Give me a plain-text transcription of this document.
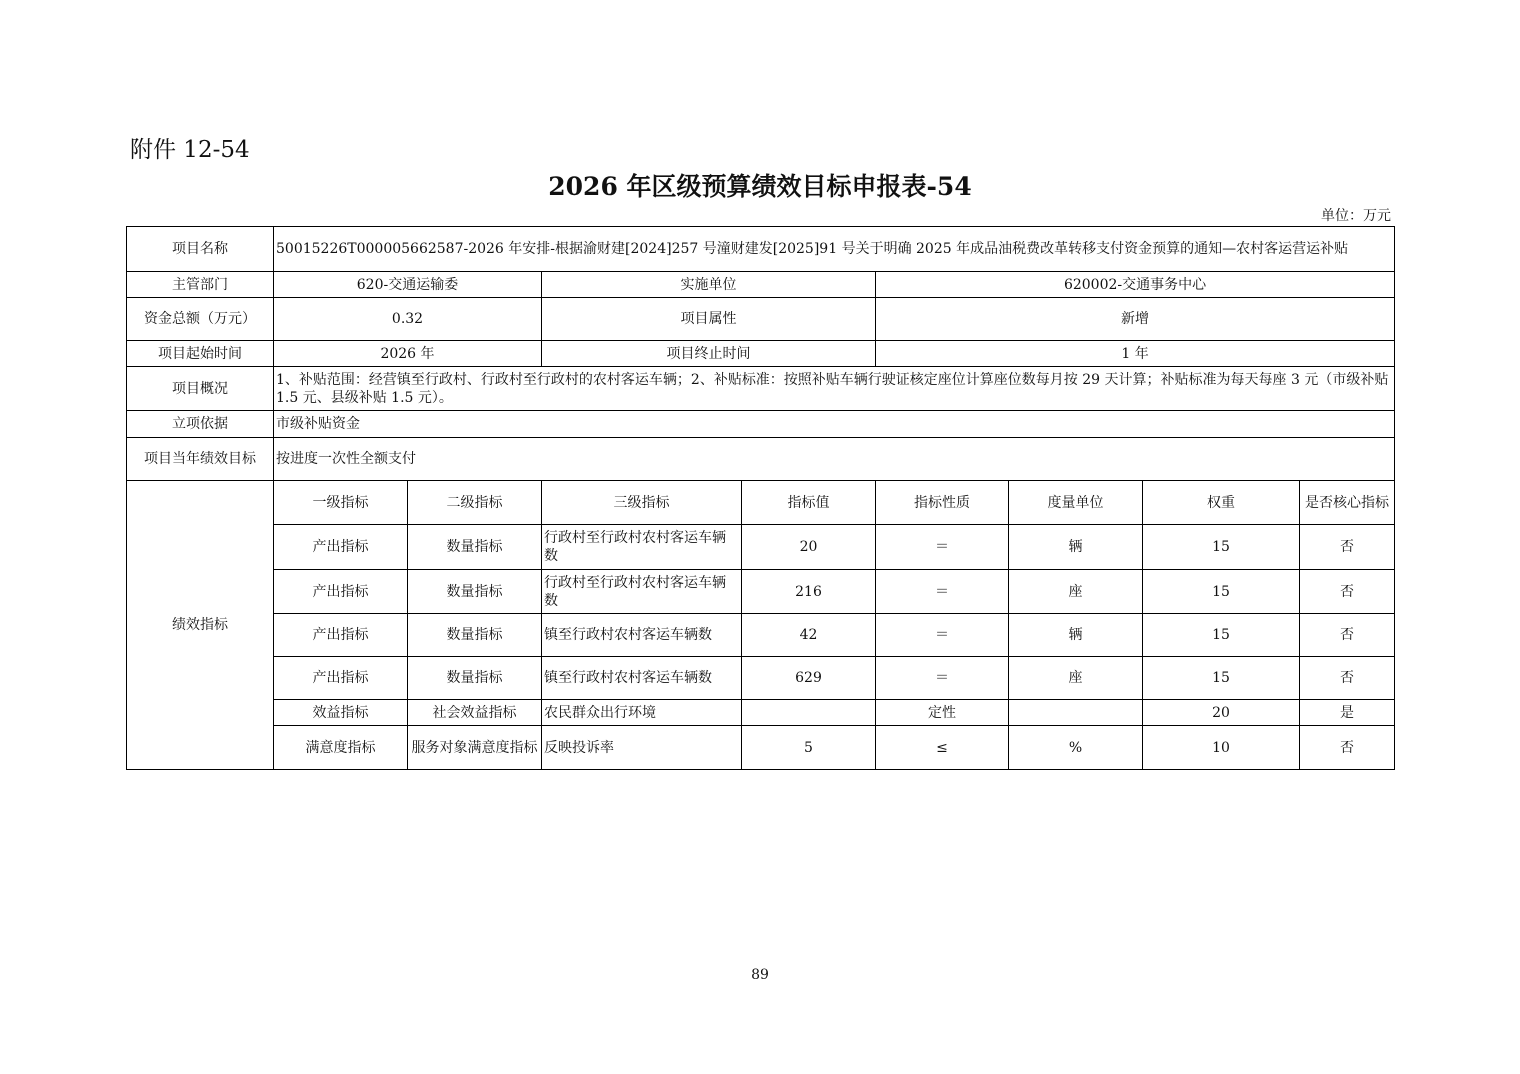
附件 12-54
2026 年区级预算绩效目标申报表-54
单位：万元
项目名称	50015226T000005662587-2026 年安排-根据渝财建[2024]257 号潼财建发[2025]91 号关于明确 2025 年成品油税费改革转移支付资金预算的通知—农村客运营运补贴							
主管部门	620-交通运输委		实施单位		620002-交通事务中心			
资金总额（万元）	0.32		项目属性		新增			
项目起始时间	2026 年		项目终止时间		1 年			
项目概况	1、补贴范围：经营镇至行政村、行政村至行政村的农村客运车辆；2、补贴标准：按照补贴车辆行驶证核定座位计算座位数每月按 29 天计算；补贴标准为每天每座 3 元（市级补贴 1.5 元、县级补贴 1.5 元）。							
立项依据	市级补贴资金							
项目当年绩效目标	按进度一次性全额支付							
绩效指标	一级指标	二级指标	三级指标	指标值	指标性质	度量单位	权重	是否核心指标
	产出指标	数量指标	行政村至行政村农村客运车辆数	20	＝	辆	15	否
	产出指标	数量指标	行政村至行政村农村客运车辆数	216	＝	座	15	否
	产出指标	数量指标	镇至行政村农村客运车辆数	42	＝	辆	15	否
	产出指标	数量指标	镇至行政村农村客运车辆数	629	＝	座	15	否
	效益指标	社会效益指标	农民群众出行环境		定性		20	是
	满意度指标	服务对象满意度指标	反映投诉率	5	≤	%	10	否
89
